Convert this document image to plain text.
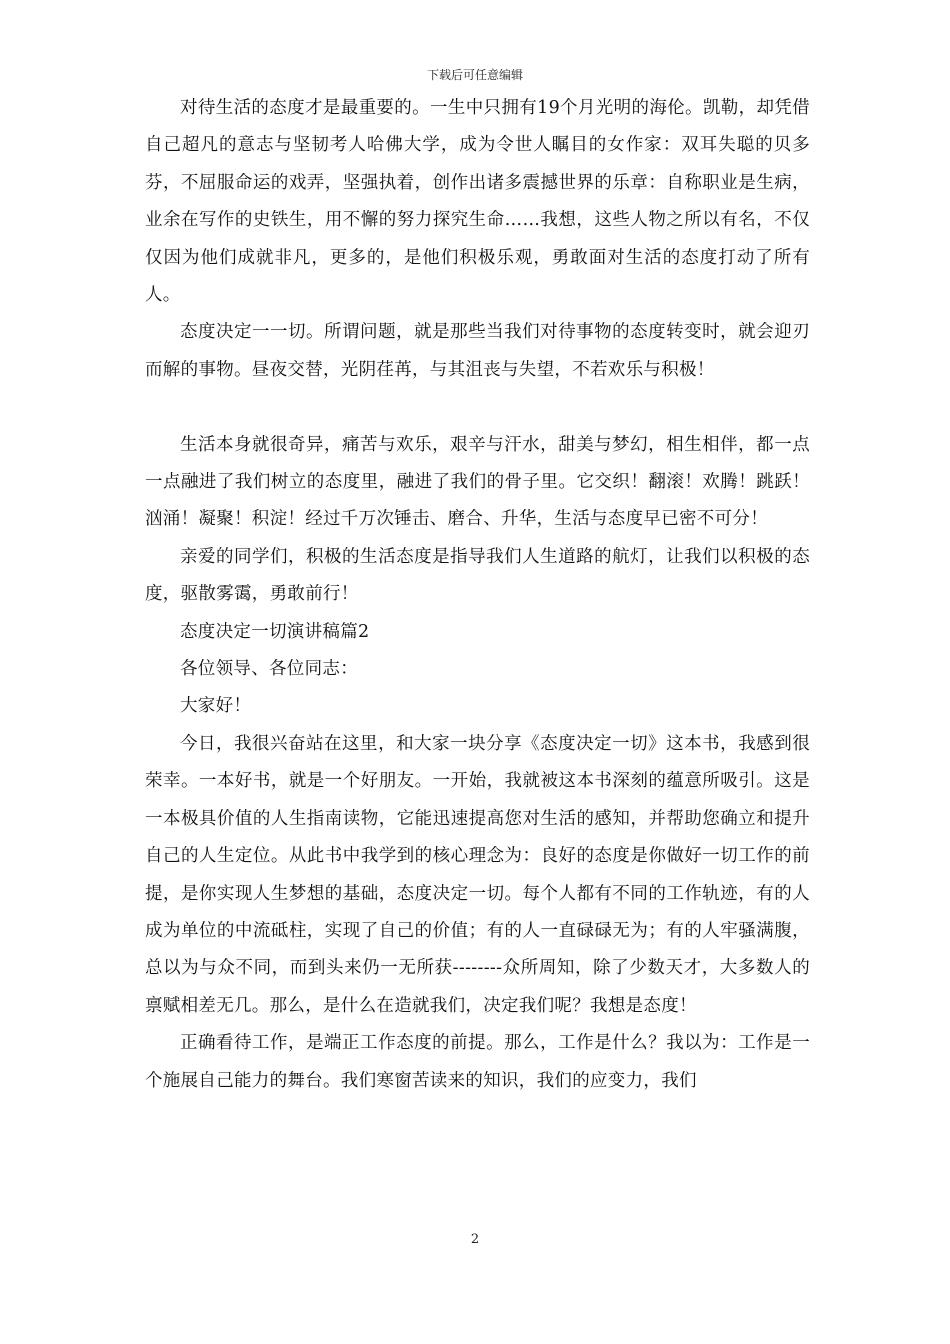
下载后可任意编辑

对待生活的态度才是最重要的。一生中只拥有19个月光明的海伦。凯勒，却凭借自己超凡的意志与坚韧考人哈佛大学，成为令世人瞩目的女作家：双耳失聪的贝多芬，不屈服命运的戏弄，坚强执着，创作出诸多震撼世界的乐章：自称职业是生病，业余在写作的史铁生，用不懈的努力探究生命……我想，这些人物之所以有名，不仅仅因为他们成就非凡，更多的，是他们积极乐观，勇敢面对生活的态度打动了所有人。

态度决定一一切。所谓问题，就是那些当我们对待事物的态度转变时，就会迎刃而解的事物。昼夜交替，光阴荏苒，与其沮丧与失望，不若欢乐与积极！

生活本身就很奇异，痛苦与欢乐，艰辛与汗水，甜美与梦幻，相生相伴，都一点一点融进了我们树立的态度里，融进了我们的骨子里。它交织！翻滚！欢腾！跳跃！汹涌！凝聚！积淀！经过千万次锤击、磨合、升华，生活与态度早已密不可分！

亲爱的同学们，积极的生活态度是指导我们人生道路的航灯，让我们以积极的态度，驱散雾霭，勇敢前行！

态度决定一切演讲稿篇2

各位领导、各位同志：

大家好！

今日，我很兴奋站在这里，和大家一块分享《态度决定一切》这本书，我感到很荣幸。一本好书，就是一个好朋友。一开始，我就被这本书深刻的蕴意所吸引。这是一本极具价值的人生指南读物，它能迅速提高您对生活的感知，并帮助您确立和提升自己的人生定位。从此书中我学到的核心理念为：良好的态度是你做好一切工作的前提，是你实现人生梦想的基础，态度决定一切。每个人都有不同的工作轨迹，有的人成为单位的中流砥柱，实现了自己的价值；有的人一直碌碌无为；有的人牢骚满腹，总以为与众不同，而到头来仍一无所获--------众所周知，除了少数天才，大多数人的禀赋相差无几。那么，是什么在造就我们，决定我们呢？我想是态度！

正确看待工作，是端正工作态度的前提。那么，工作是什么？我以为：工作是一个施展自己能力的舞台。我们寒窗苦读来的知识，我们的应变力，我们

2
